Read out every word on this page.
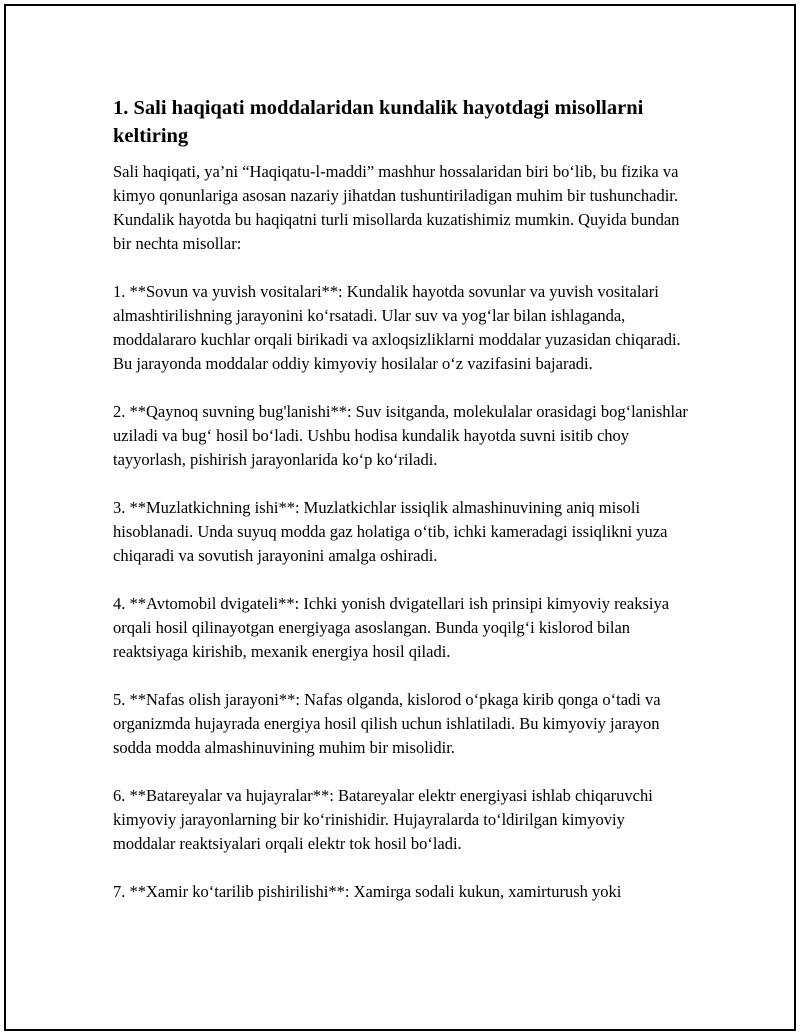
1. Sali haqiqati moddalaridan kundalik hayotdagi misollarni keltiring

Sali haqiqati, ya’ni “Haqiqatu-l-maddi” mashhur hossalaridan biri bo‘lib, bu fizika va kimyo qonunlariga asosan nazariy jihatdan tushuntiriladigan muhim bir tushunchadir. Kundalik hayotda bu haqiqatni turli misollarda kuzatishimiz mumkin. Quyida bundan bir nechta misollar:

1. **Sovun va yuvish vositalari**: Kundalik hayotda sovunlar va yuvish vositalari almashtirilishning jarayonini ko‘rsatadi. Ular suv va yog‘lar bilan ishlaganda, moddalararo kuchlar orqali birikadi va axloqsizliklarni moddalar yuzasidan chiqaradi. Bu jarayonda moddalar oddiy kimyoviy hosilalar o‘z vazifasini bajaradi.

2. **Qaynoq suvning bug'lanishi**: Suv isitganda, molekulalar orasidagi bog‘lanishlar uziladi va bug‘ hosil bo‘ladi. Ushbu hodisa kundalik hayotda suvni isitib choy tayyorlash, pishirish jarayonlarida ko‘p ko‘riladi.

3. **Muzlatkichning ishi**: Muzlatkichlar issiqlik almashinuvining aniq misoli hisoblanadi. Unda suyuq modda gaz holatiga o‘tib, ichki kameradagi issiqlikni yuza chiqaradi va sovutish jarayonini amalga oshiradi.

4. **Avtomobil dvigateli**: Ichki yonish dvigatellari ish prinsipi kimyoviy reaksiya orqali hosil qilinayotgan energiyaga asoslangan. Bunda yoqilg‘i kislorod bilan reaktsiyaga kirishib, mexanik energiya hosil qiladi.

5. **Nafas olish jarayoni**: Nafas olganda, kislorod o‘pkaga kirib qonga o‘tadi va organizmda hujayrada energiya hosil qilish uchun ishlatiladi. Bu kimyoviy jarayon sodda modda almashinuvining muhim bir misolidir.

6. **Batareyalar va hujayralar**: Batareyalar elektr energiyasi ishlab chiqaruvchi kimyoviy jarayonlarning bir ko‘rinishidir. Hujayralarda to‘ldirilgan kimyoviy moddalar reaktsiyalari orqali elektr tok hosil bo‘ladi.

7. **Xamir ko‘tarilib pishirilishi**: Xamirga sodali kukun, xamirturush yoki
